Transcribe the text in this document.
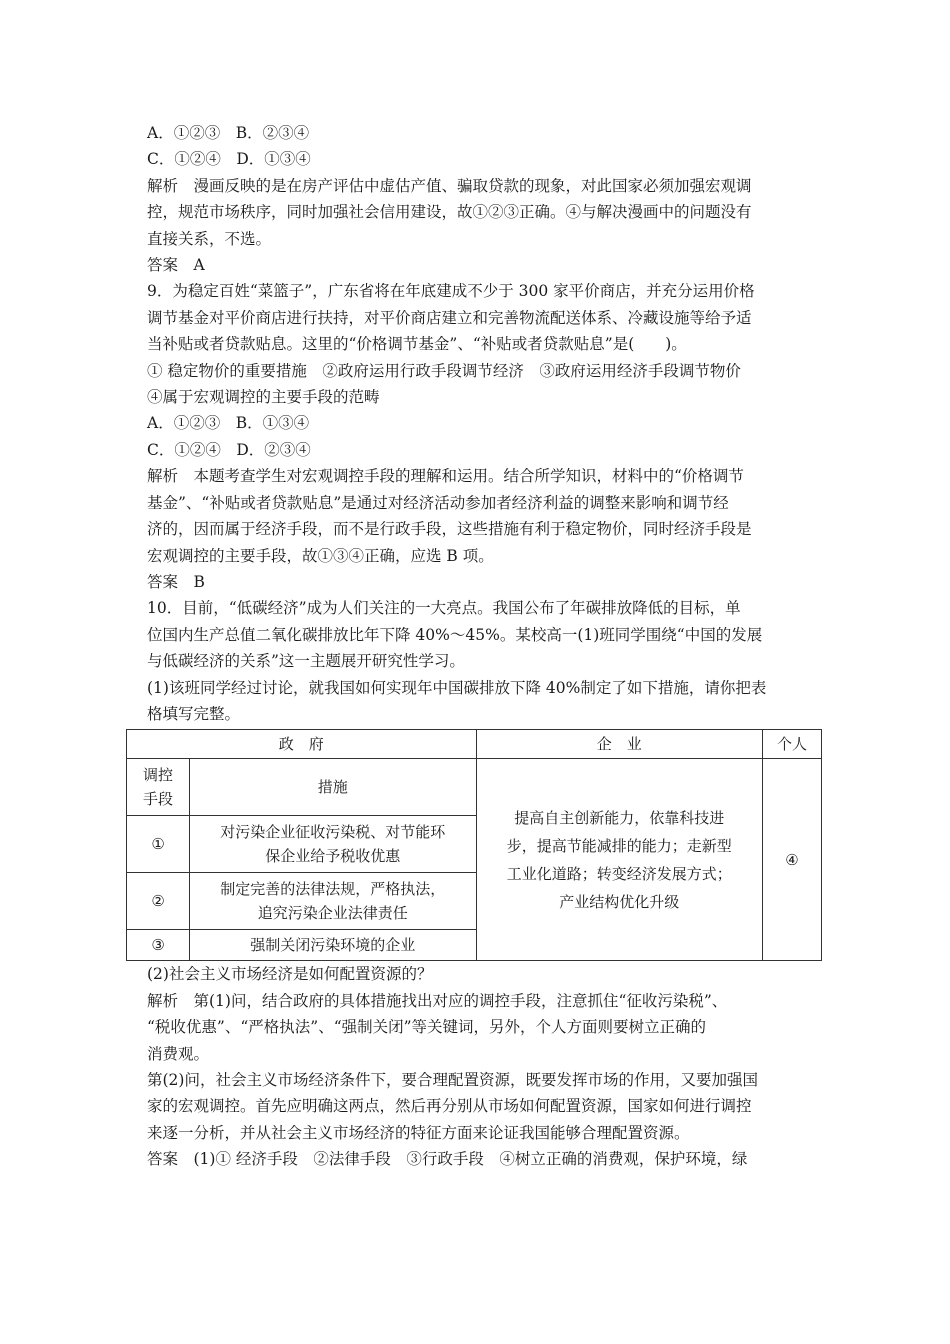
A．①②③　B．②③④

C．①②④　D．①③④

解析　漫画反映的是在房产评估中虚估产值、骗取贷款的现象，对此国家必须加强宏观调

控，规范市场秩序，同时加强社会信用建设，故①②③正确。④与解决漫画中的问题没有

直接关系，不选。

答案　A

9．为稳定百姓“菜篮子”，广东省将在年底建成不少于 300 家平价商店，并充分运用价格

调节基金对平价商店进行扶持，对平价商店建立和完善物流配送体系、冷藏设施等给予适

当补贴或者贷款贴息。这里的“价格调节基金”、“补贴或者贷款贴息”是(　　)。

① 稳定物价的重要措施　②政府运用行政手段调节经济　③政府运用经济手段调节物价

④属于宏观调控的主要手段的范畴

A．①②③　B．①③④

C．①②④　D．②③④

解析　本题考查学生对宏观调控手段的理解和运用。结合所学知识，材料中的“价格调节

基金”、“补贴或者贷款贴息”是通过对经济活动参加者经济利益的调整来影响和调节经

济的，因而属于经济手段，而不是行政手段，这些措施有利于稳定物价，同时经济手段是

宏观调控的主要手段，故①③④正确，应选 B 项。

答案　B

10．目前，“低碳经济”成为人们关注的一大亮点。我国公布了年碳排放降低的目标，单

位国内生产总值二氧化碳排放比年下降 40%～45%。某校高一(1)班同学围绕“中国的发展

与低碳经济的关系”这一主题展开研究性学习。

(1)该班同学经过讨论，就我国如何实现年中国碳排放下降 40%制定了如下措施，请你把表

格填写完整。

政　府		企　业	个人
调控
手段	措施	提高自主创新能力，依靠科技进
步，提高节能减排的能力；走新型
工业化道路；转变经济发展方式；
产业结构优化升级	④
①	对污染企业征收污染税、对节能环
保企业给予税收优惠		
②	制定完善的法律法规，严格执法，
追究污染企业法律责任		
③	强制关闭污染环境的企业		

(2)社会主义市场经济是如何配置资源的？

解析　第(1)问，结合政府的具体措施找出对应的调控手段，注意抓住“征收污染税”、

“税收优惠”、“严格执法”、“强制关闭”等关键词，另外，个人方面则要树立正确的

消费观。

第(2)问，社会主义市场经济条件下，要合理配置资源，既要发挥市场的作用，又要加强国

家的宏观调控。首先应明确这两点，然后再分别从市场如何配置资源，国家如何进行调控

来逐一分析，并从社会主义市场经济的特征方面来论证我国能够合理配置资源。

答案　(1)① 经济手段　②法律手段　③行政手段　④树立正确的消费观，保护环境，绿
